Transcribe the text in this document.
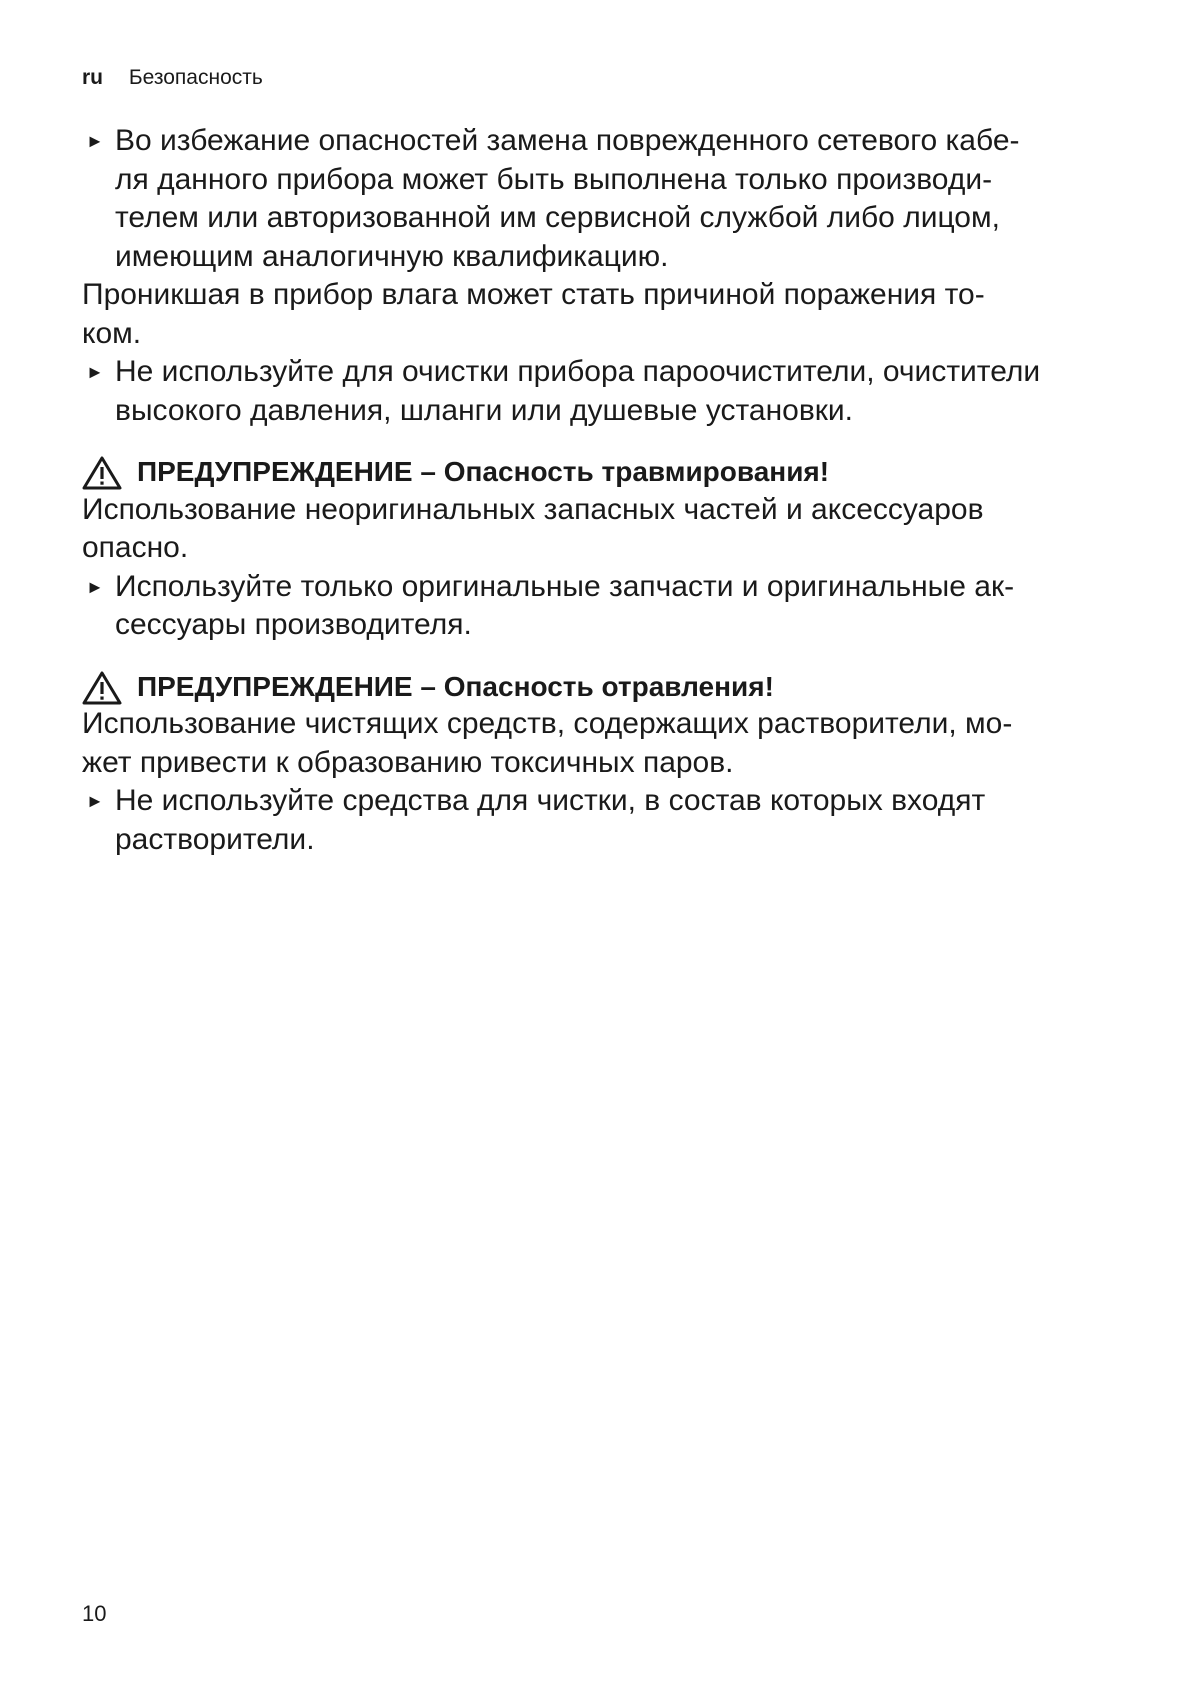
ru Безопасность
► Во избежание опасностей замена поврежденного сетевого кабе-
ля данного прибора может быть выполнена только производи-
телем или авторизованной им сервисной службой либо лицом,
имеющим аналогичную квалификацию.
Проникшая в прибор влага может стать причиной поражения то-
ком.
► Не используйте для очистки прибора пароочистители, очистители
высокого давления, шланги или душевые установки.
ПРЕДУПРЕЖДЕНИЕ – Опасность травмирования!
Использование неоригинальных запасных частей и аксессуаров
опасно.
► Используйте только оригинальные запчасти и оригинальные ак-
сессуары производителя.
ПРЕДУПРЕЖДЕНИЕ – Опасность отравления!
Использование чистящих средств, содержащих растворители, мо-
жет привести к образованию токсичных паров.
► Не используйте средства для чистки, в состав которых входят
растворители.
10
